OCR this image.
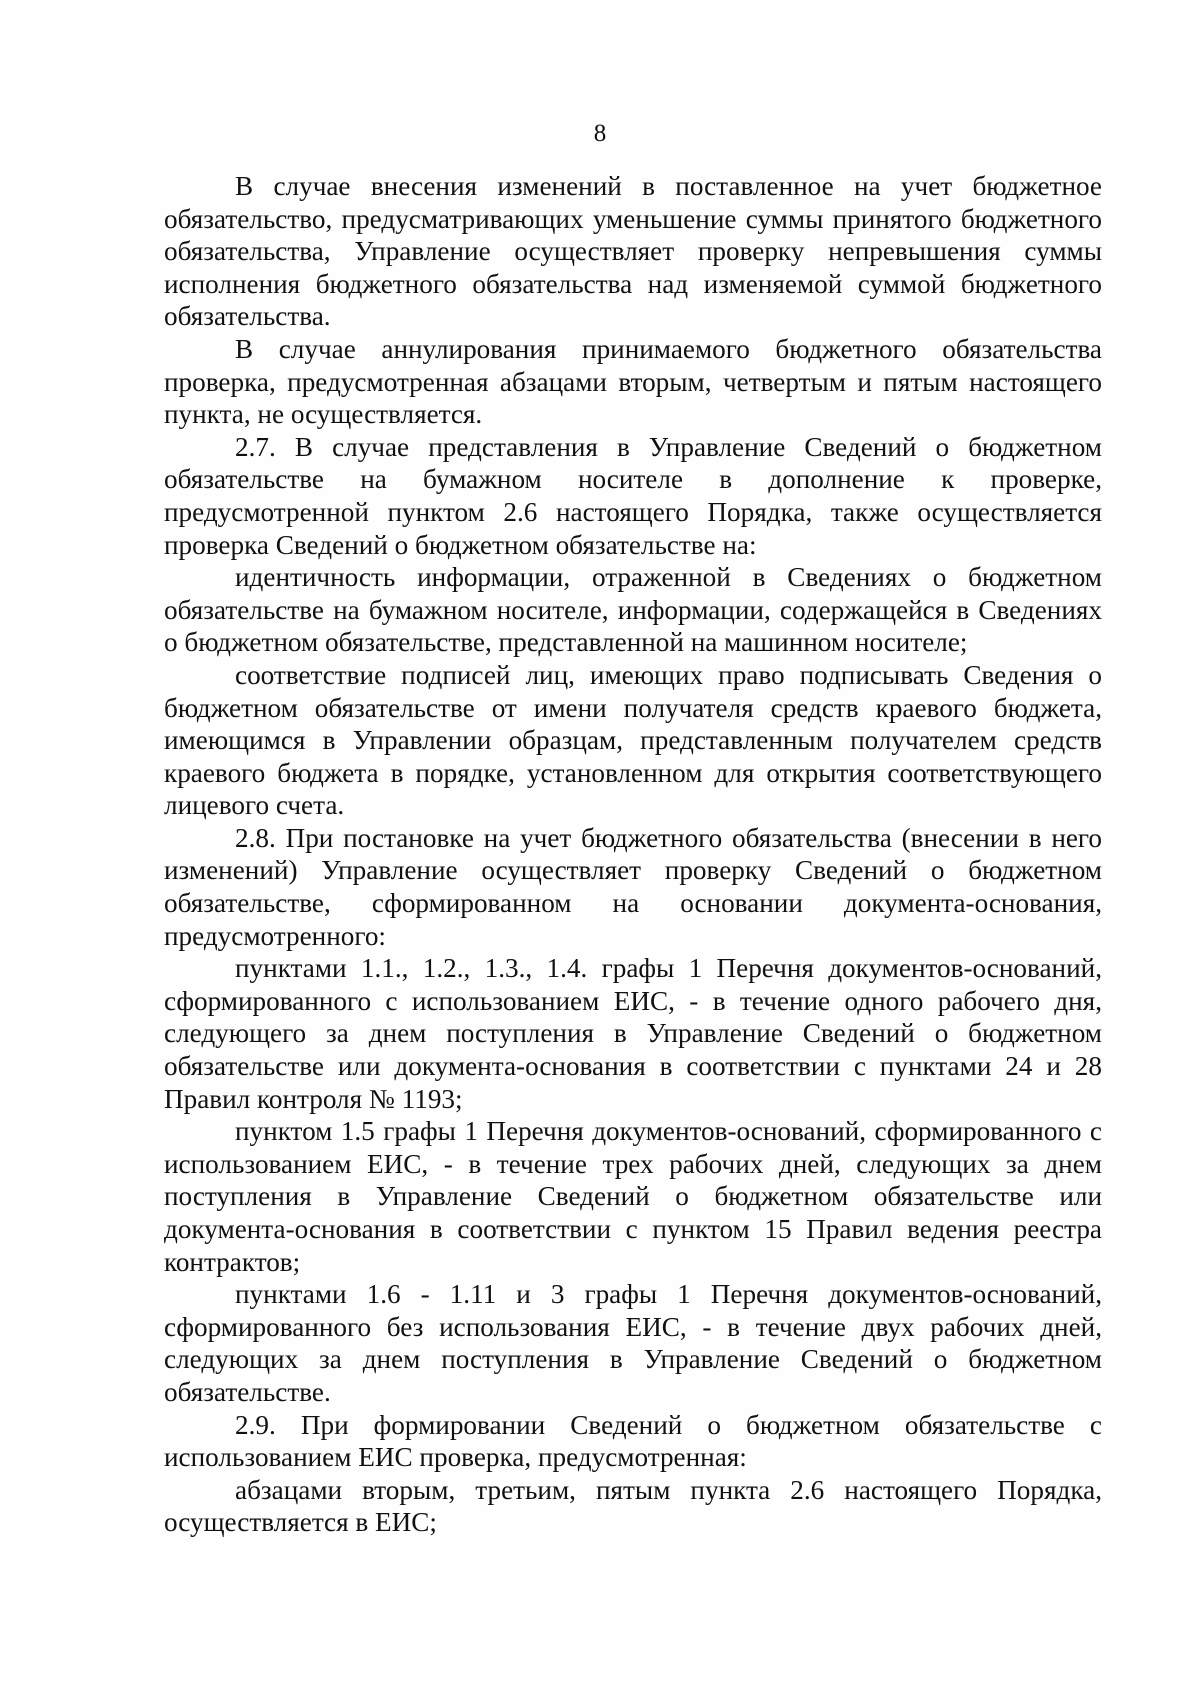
8

В случае внесения изменений в поставленное на учет бюджетное обязательство, предусматривающих уменьшение суммы принятого бюджетного обязательства, Управление осуществляет проверку непревышения суммы исполнения бюджетного обязательства над изменяемой суммой бюджетного обязательства.

В случае аннулирования принимаемого бюджетного обязательства проверка, предусмотренная абзацами вторым, четвертым и пятым настоящего пункта, не осуществляется.

2.7. В случае представления в Управление Сведений о бюджетном обязательстве на бумажном носителе в дополнение к проверке, предусмотренной пунктом 2.6 настоящего Порядка, также осуществляется проверка Сведений о бюджетном обязательстве на:

идентичность информации, отраженной в Сведениях о бюджетном обязательстве на бумажном носителе, информации, содержащейся в Сведениях о бюджетном обязательстве, представленной на машинном носителе;

соответствие подписей лиц, имеющих право подписывать Сведения о бюджетном обязательстве от имени получателя средств краевого бюджета, имеющимся в Управлении образцам, представленным получателем средств краевого бюджета в порядке, установленном для открытия соответствующего лицевого счета.

2.8. При постановке на учет бюджетного обязательства (внесении в него изменений) Управление осуществляет проверку Сведений о бюджетном обязательстве, сформированном на основании документа-основания, предусмотренного:

пунктами 1.1., 1.2., 1.3., 1.4. графы 1 Перечня документов-оснований, сформированного с использованием ЕИС, - в течение одного рабочего дня, следующего за днем поступления в Управление Сведений о бюджетном обязательстве или документа-основания в соответствии с пунктами 24 и 28 Правил контроля № 1193;

пунктом 1.5 графы 1 Перечня документов-оснований, сформированного с использованием ЕИС, - в течение трех рабочих дней, следующих за днем поступления в Управление Сведений о бюджетном обязательстве или документа-основания в соответствии с пунктом 15 Правил ведения реестра контрактов;

пунктами 1.6 - 1.11 и 3 графы 1 Перечня документов-оснований, сформированного без использования ЕИС, - в течение двух рабочих дней, следующих за днем поступления в Управление Сведений о бюджетном обязательстве.

2.9. При формировании Сведений о бюджетном обязательстве с использованием ЕИС проверка, предусмотренная:

абзацами вторым, третьим, пятым пункта 2.6 настоящего Порядка, осуществляется в ЕИС;
